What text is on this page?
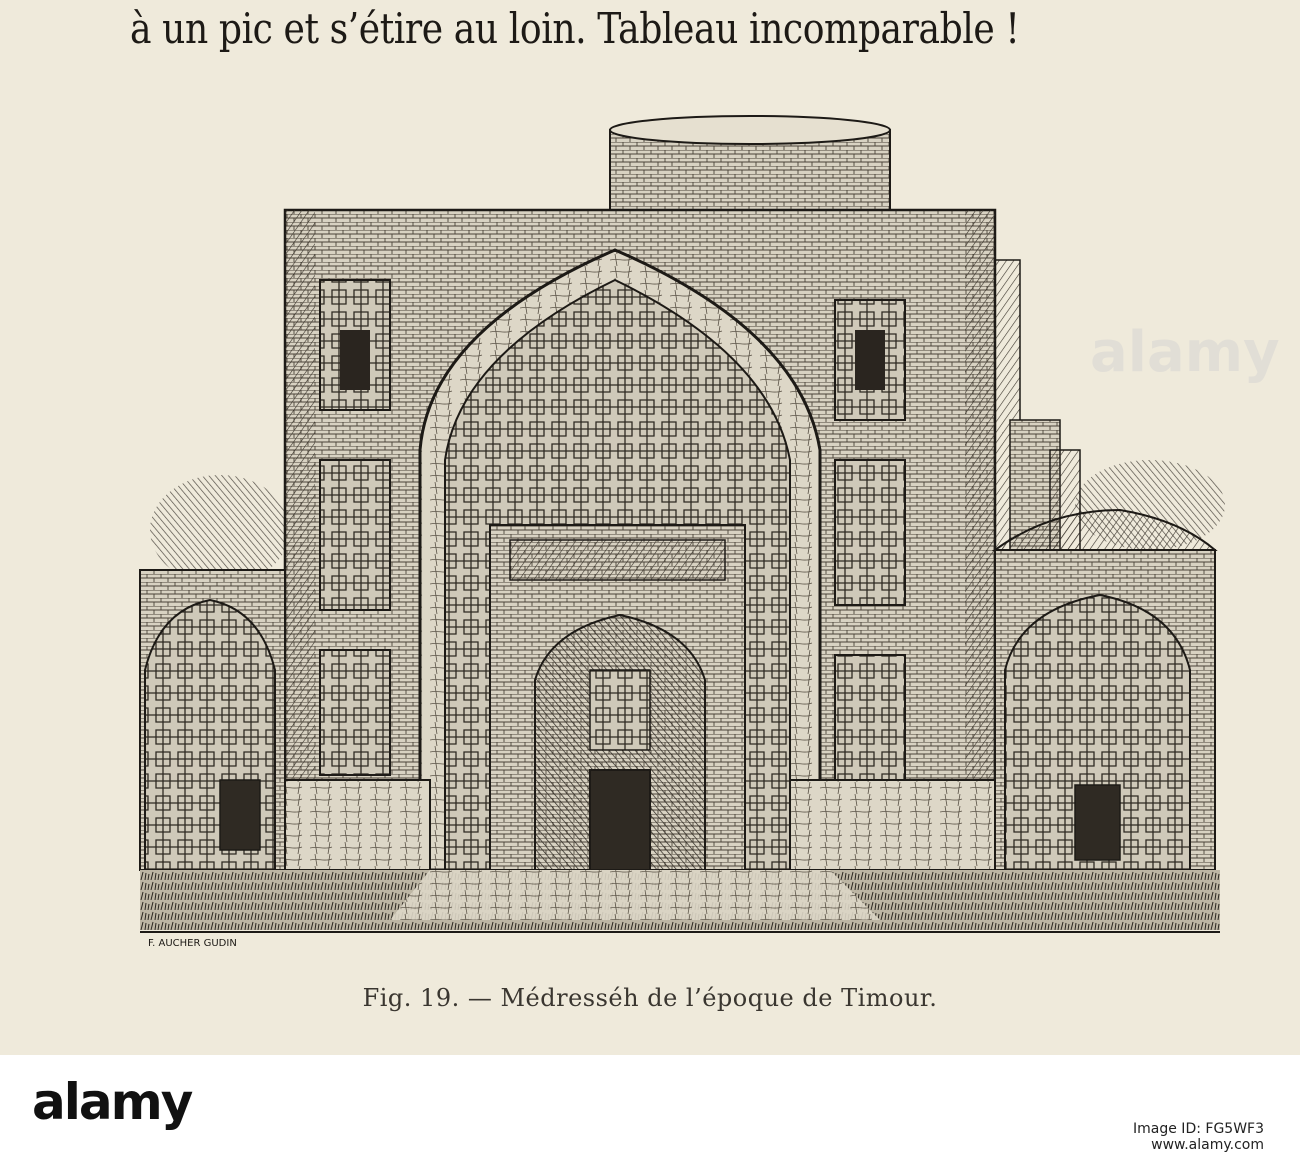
à un pic et s’étire au loin. Tableau incomparable !
F. AUCHER GUDIN
Fig. 19. — Médresséh de l’époque de Timour.
alamy
alamy	Image ID: FG5WF3
www.alamy.com
